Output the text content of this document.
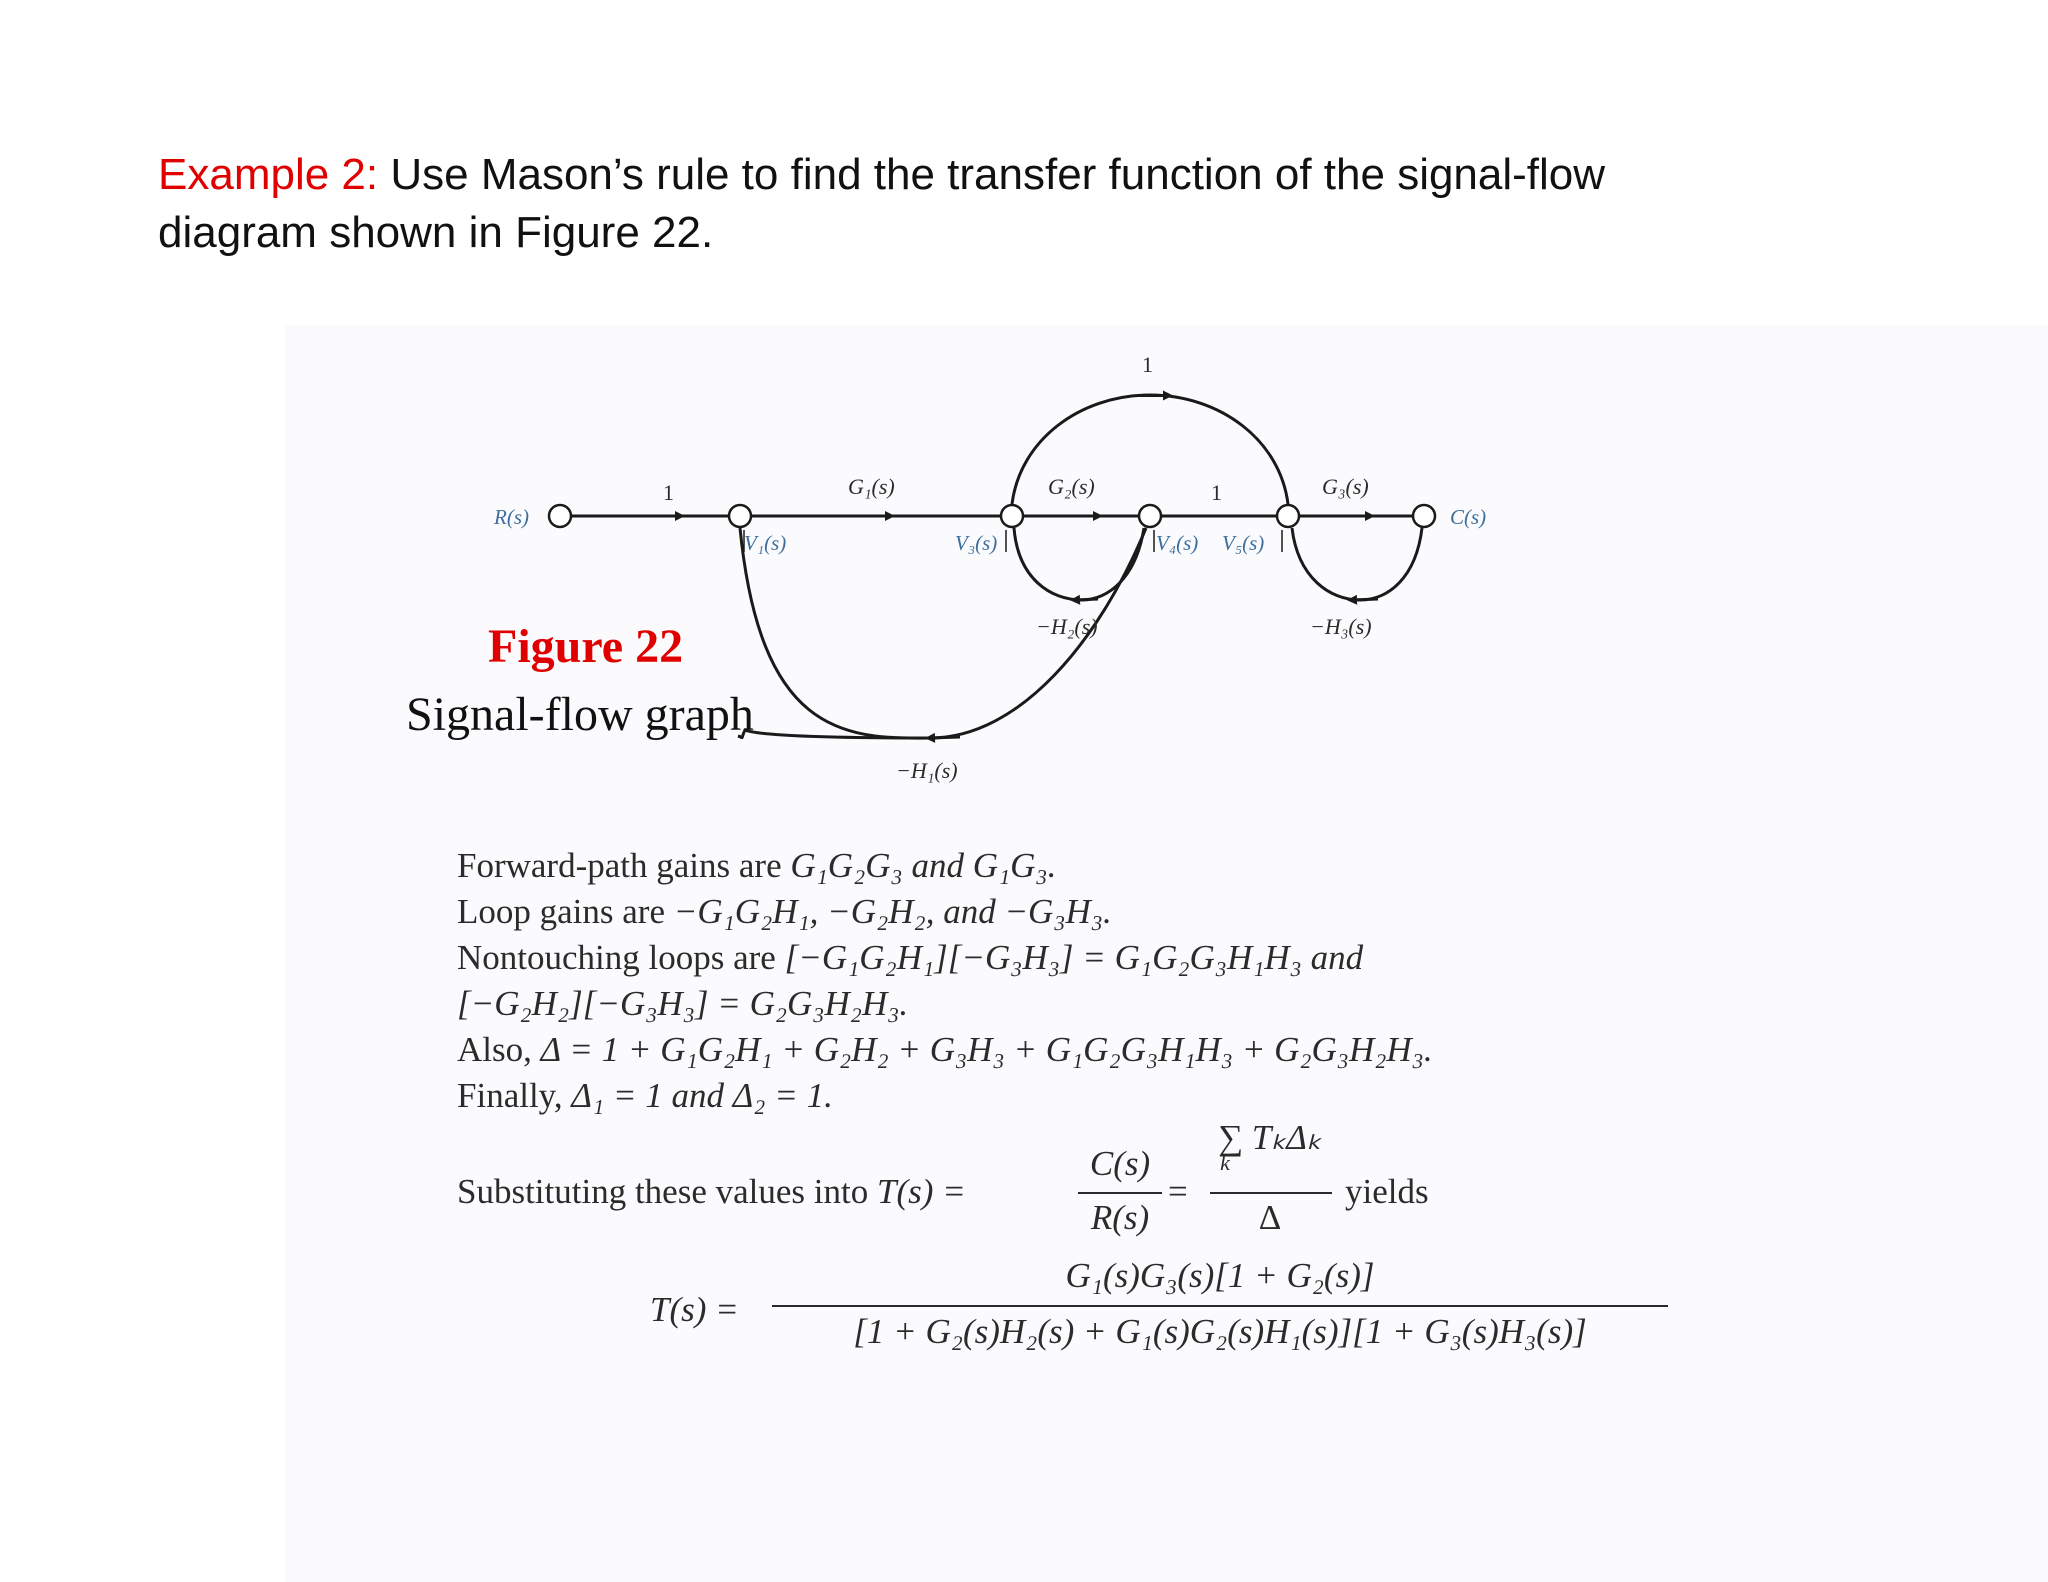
Example 2: Use Mason’s rule to find the transfer function of the signal-flow diagram shown in Figure 22.

R(s)	C(s)
V₁(s)	V₃(s)	V₄(s) V₅(s)
1	G₁(s)	G₂(s)	1	G₃(s)
1
−H₂(s)	−H₃(s)
−H₁(s)
Figure 22
Signal-flow graph

Forward-path gains are G₁G₂G₃ and G₁G₃.

Loop gains are −G₁G₂H₁, −G₂H₂, and −G₃H₃.

Nontouching loops are [−G₁G₂H₁][−G₃H₃] = G₁G₂G₃H₁H₃ and

[−G₂H₂][−G₃H₃] = G₂G₃H₂H₃.

Also, Δ = 1 + G₁G₂H₁ + G₂H₂ + G₃H₃ + G₁G₂G₃H₁H₃ + G₂G₃H₂H₃.

Finally, Δ₁ = 1 and Δ₂ = 1.

Substituting these values into T(s) =

C(s)
R(s)
=
∑ TₖΔₖ
k
Δ
yields
T(s) =
G₁(s)G₃(s)[1 + G₂(s)]
[1 + G₂(s)H₂(s) + G₁(s)G₂(s)H₁(s)][1 + G₃(s)H₃(s)]
